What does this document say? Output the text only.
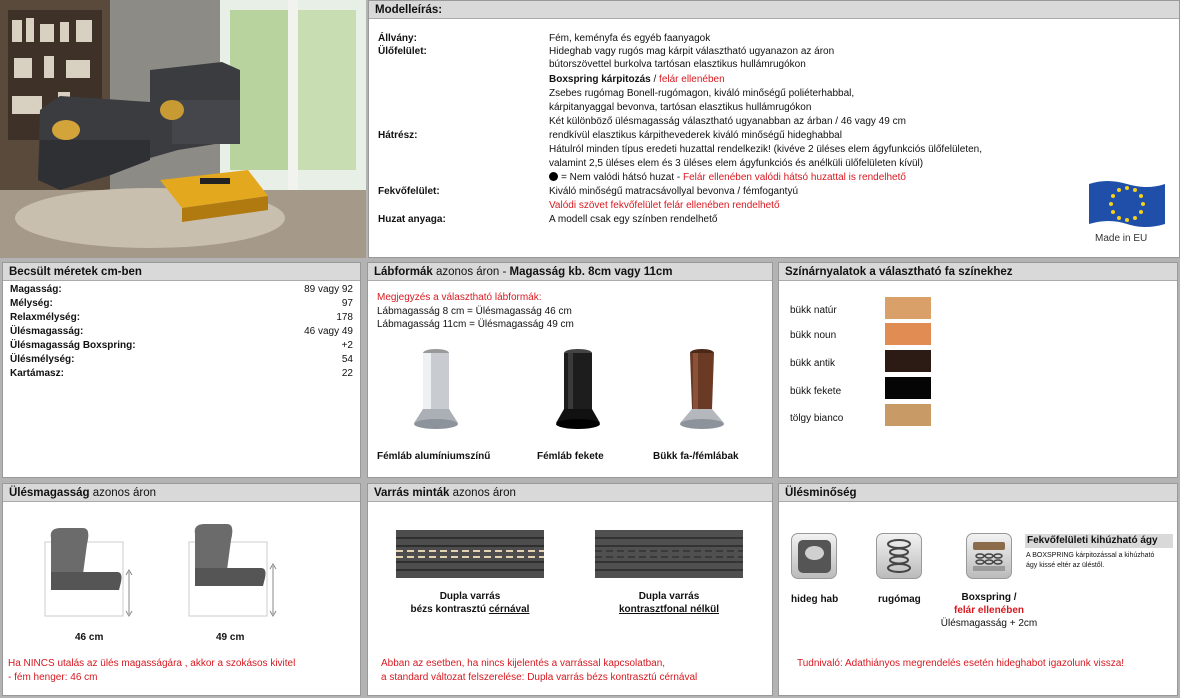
Modelleírás:
Állvány:	Fém, keményfa és egyéb faanyagok
Ülőfelület:	Hideghab vagy rugós mag kárpit választható ugyanazon az áron
bútorszövettel burkolva tartósan elasztikus hullámrugókon
Boxspring kárpitozás / felár ellenében
Zsebes rugómag Bonell-rugómagon, kiváló minőségű poliéterhabbal,
kárpitanyaggal bevonva, tartósan elasztikus hullámrugókon
Két különböző ülésmagasság választható ugyanabban az árban / 46 vagy 49 cm
Hátrész:	rendkívül elasztikus kárpithevederek kiváló minőségű hideghabbal
Hátulról minden típus eredeti huzattal rendelkezik! (kivéve 2 üléses elem ágyfunkciós ülőfelületen,
valamint 2,5 üléses elem és 3 üléses elem ágyfunkciós és anélküli ülőfelületen kívül)
= Nem valódi hátsó huzat - Felár ellenében valódi hátsó huzattal is rendelhető
Fekvőfelület:	Kiváló minőségű matracsávollyal bevonva / fémfogantyú
Valódi szövet fekvőfelület felár ellenében rendelhető
Huzat anyaga:	A modell csak egy színben rendelhető
Made in EU
Becsült méretek cm-ben
Magasság:	89 vagy 92
Mélység:	97
Relaxmélység:	178
Ülésmagasság:	46 vagy 49
Ülésmagasság Boxspring:	+2
Ülésmélység:	54
Kartámasz:	22
Lábformák azonos áron - Magasság kb. 8cm vagy 11cm
Megjegyzés a választható lábformák:
Lábmagasság 8 cm = Ülésmagasság 46 cm
Lábmagasság 11cm = Ülésmagasság 49 cm
Fémláb alumíniumszínű	Fémláb fekete	Bükk fa-/fémlábak
Színárnyalatok a választható fa színekhez
bükk natúr
bükk noun
bükk antik
bükk fekete
tölgy bianco
Ülésmagasság azonos áron
46 cm	49 cm
Ha NINCS utalás az ülés magasságára , akkor a szokásos kivitel
- fém henger: 46 cm
Varrás minták azonos áron
Dupla varrás
bézs kontrasztú cérnával
Dupla varrás
kontrasztfonal nélkül
Abban az esetben, ha nincs kijelentés a varrással kapcsolatban,
a standard változat felszerelése: Dupla varrás bézs kontrasztú cérnával
Ülésminőség
hideg hab	rugómag	Boxspring /
felár ellenében
Ülésmagasság + 2cm
Fekvőfelületi kihúzható ágy
A BOXSPRING kárpitozással a kihúzható
ágy kissé eltér az üléstől.
Tudnivaló: Adathiányos megrendelés esetén hideghabot igazolunk vissza!
